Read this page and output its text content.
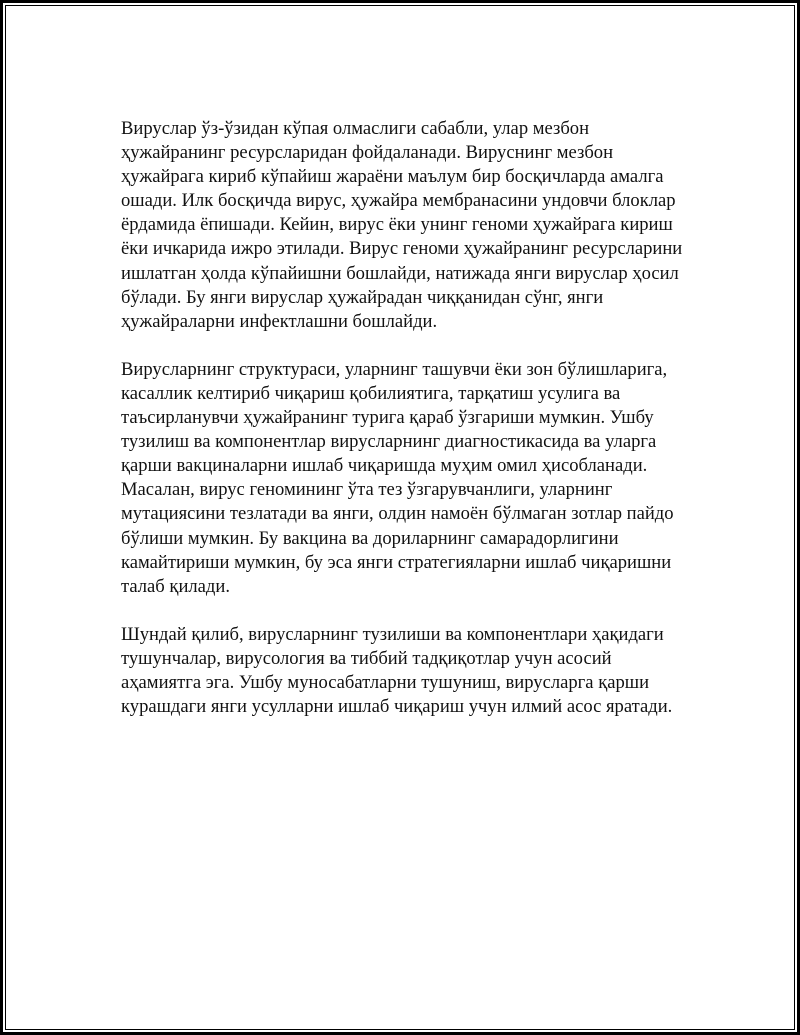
Вируслар ўз-ўзидан кўпая олмаслиги сабабли, улар мезбон
ҳужайранинг ресурсларидан фойдаланади. Вируснинг мезбон
ҳужайрага кириб кўпайиш жараёни маълум бир босқичларда амалга
ошади. Илк босқичда вирус, ҳужайра мембранасини ундовчи блоклар
ёрдамида ёпишади. Кейин, вирус ёки унинг геноми ҳужайрага кириш
ёки ичкарида ижро этилади. Вирус геноми ҳужайранинг ресурсларини
ишлатган ҳолда кўпайишни бошлайди, натижада янги вируслар ҳосил
бўлади. Бу янги вируслар ҳужайрадан чиққанидан сўнг, янги
ҳужайраларни инфектлашни бошлайди.

Вирусларнинг структураси, уларнинг ташувчи ёки зон бўлишларига,
касаллик келтириб чиқариш қобилиятига, тарқатиш усулига ва
таъсирланувчи ҳужайранинг турига қараб ўзгариши мумкин. Ушбу
тузилиш ва компонентлар вирусларнинг диагностикасида ва уларга
қарши вакциналарни ишлаб чиқаришда муҳим омил ҳисобланади.
Масалан, вирус геномининг ўта тез ўзгарувчанлиги, уларнинг
мутациясини тезлатади ва янги, олдин намоён бўлмаган зотлар пайдо
бўлиши мумкин. Бу вакцина ва дориларнинг самарадорлигини
камайтириши мумкин, бу эса янги стратегияларни ишлаб чиқаришни
талаб қилади.

Шундай қилиб, вирусларнинг тузилиши ва компонентлари ҳақидаги
тушунчалар, вирусология ва тиббий тадқиқотлар учун асосий
аҳамиятга эга. Ушбу муносабатларни тушуниш, вирусларга қарши
курашдаги янги усулларни ишлаб чиқариш учун илмий асос яратади.
